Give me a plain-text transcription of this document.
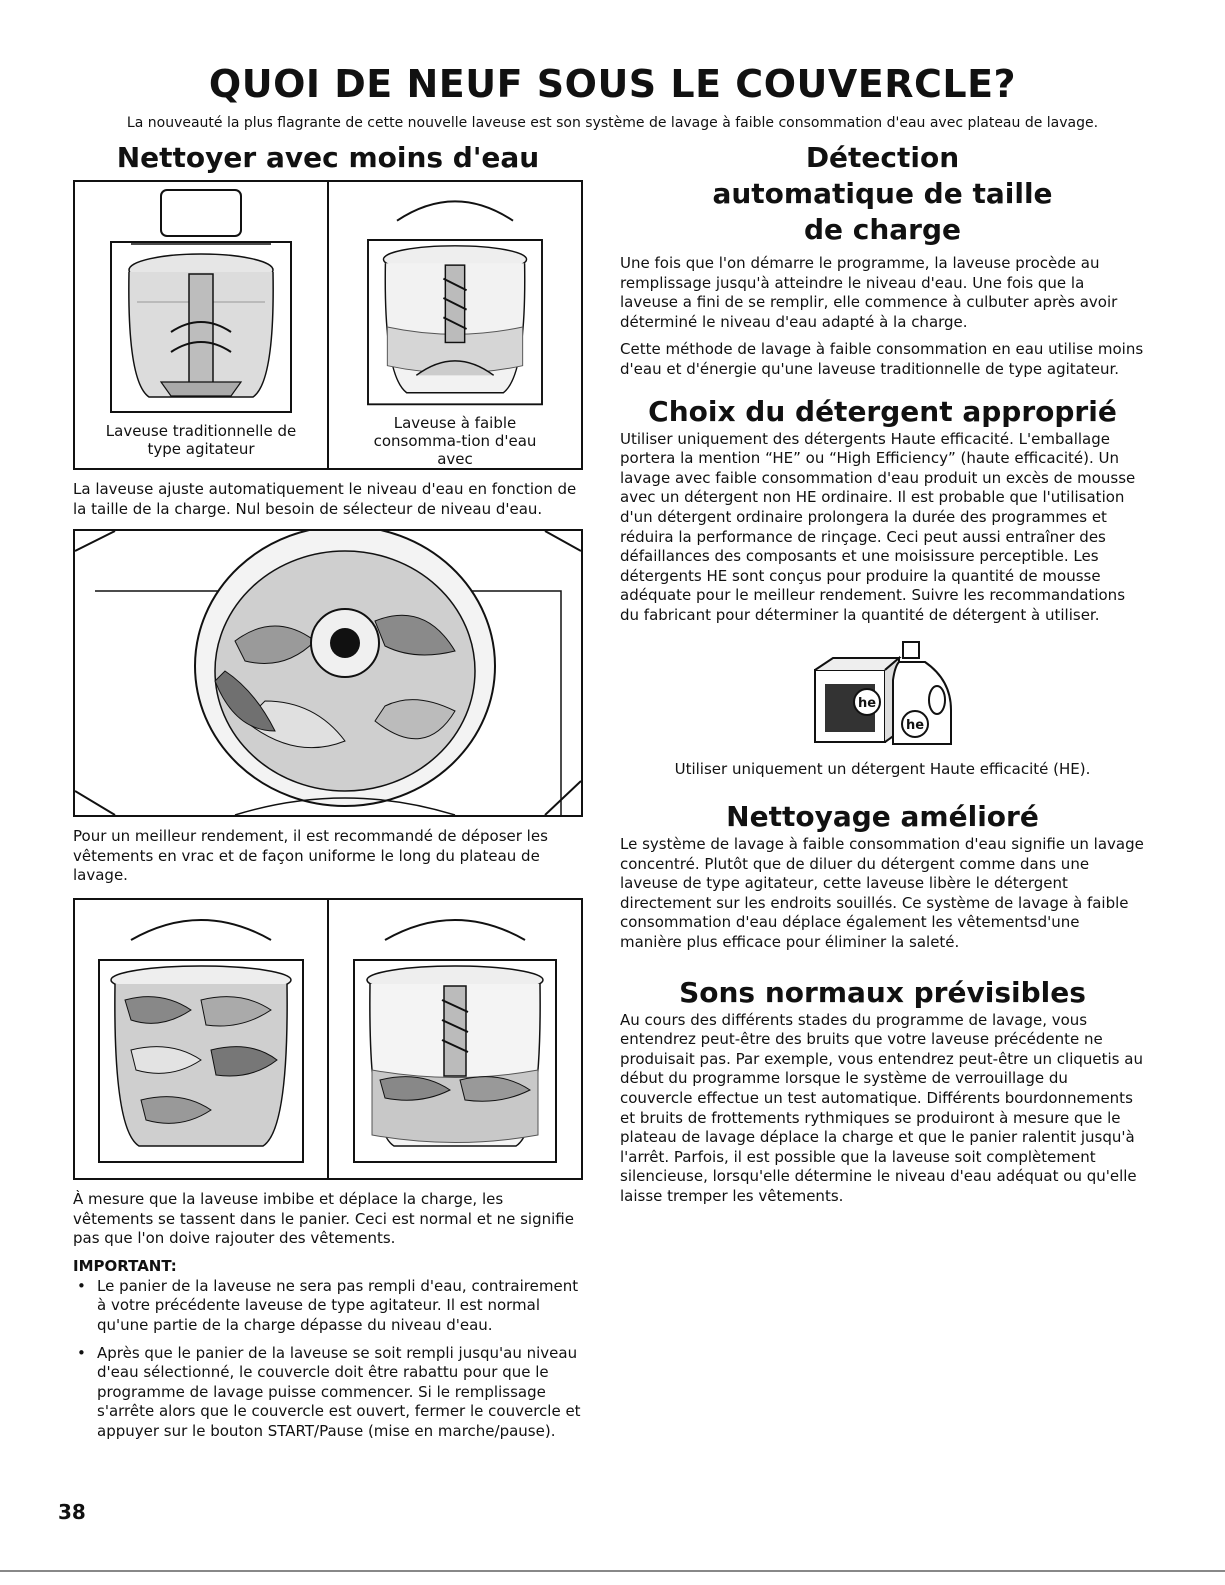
QUOI DE NEUF SOUS LE COUVERCLE?
La nouveauté la plus flagrante de cette nouvelle laveuse est son système de lavage à faible consommation d'eau avec plateau de lavage.
Nettoyer avec moins d'eau
Laveuse traditionnelle de type agitateur
Laveuse à faible consomma-tion d'eau avec

La laveuse ajuste automatiquement le niveau d'eau en fonction de la taille de la charge. Nul besoin de sélecteur de niveau d'eau.

Pour un meilleur rendement, il est recommandé de déposer les vêtements en vrac et de façon uniforme le long du plateau de lavage.

À mesure que la laveuse imbibe et déplace la charge, les vêtements se tassent dans le panier. Ceci est normal et ne signifie pas que l'on doive rajouter des vêtements.

IMPORTANT:
• Le panier de la laveuse ne sera pas rempli d'eau, contrairement à votre précédente laveuse de type agitateur. Il est normal qu'une partie de la charge dépasse du niveau d'eau.
• Après que le panier de la laveuse se soit rempli jusqu'au niveau d'eau sélectionné, le couvercle doit être rabattu pour que le programme de lavage puisse commencer. Si le remplissage s'arrête alors que le couvercle est ouvert, fermer le couvercle et appuyer sur le bouton START/Pause (mise en marche/pause).
Détection automatique de taille de charge

Une fois que l'on démarre le programme, la laveuse procède au remplissage jusqu'à atteindre le niveau d'eau. Une fois que la laveuse a fini de se remplir, elle commence à culbuter après avoir déterminé le niveau d'eau adapté à la charge.

Cette méthode de lavage à faible consommation en eau utilise moins d'eau et d'énergie qu'une laveuse traditionnelle de type agitateur.

Choix du détergent approprié

Utiliser uniquement des détergents Haute efficacité. L'emballage portera la mention “HE” ou “High Efficiency” (haute efficacité). Un lavage avec faible consommation d'eau produit un excès de mousse avec un détergent non HE ordinaire. Il est probable que l'utilisation d'un détergent ordinaire prolongera la durée des programmes et réduira la performance de rinçage. Ceci peut aussi entraîner des défaillances des composants et une moisissure perceptible. Les détergents HE sont conçus pour produire la quantité de mousse adéquate pour le meilleur rendement. Suivre les recommandations du fabricant pour déterminer la quantité de détergent à utiliser.

he
he

Utiliser uniquement un détergent Haute efficacité (HE).

Nettoyage amélioré

Le système de lavage à faible consommation d'eau signifie un lavage concentré. Plutôt que de diluer du détergent comme dans une laveuse de type agitateur, cette laveuse libère le détergent directement sur les endroits souillés. Ce système de lavage à faible consommation d'eau déplace également les vêtementsd'une manière plus efficace pour éliminer la saleté.

Sons normaux prévisibles

Au cours des différents stades du programme de lavage, vous entendrez peut-être des bruits que votre laveuse précédente ne produisait pas. Par exemple, vous entendrez peut-être un cliquetis au début du programme lorsque le système de verrouillage du couvercle effectue un test automatique. Différents bourdonnements et bruits de frottements rythmiques se produiront à mesure que le plateau de lavage déplace la charge et que le panier ralentit jusqu'à l'arrêt. Parfois, il est possible que la laveuse soit complètement silencieuse, lorsqu'elle détermine le niveau d'eau adéquat ou qu'elle laisse tremper les vêtements.

38
